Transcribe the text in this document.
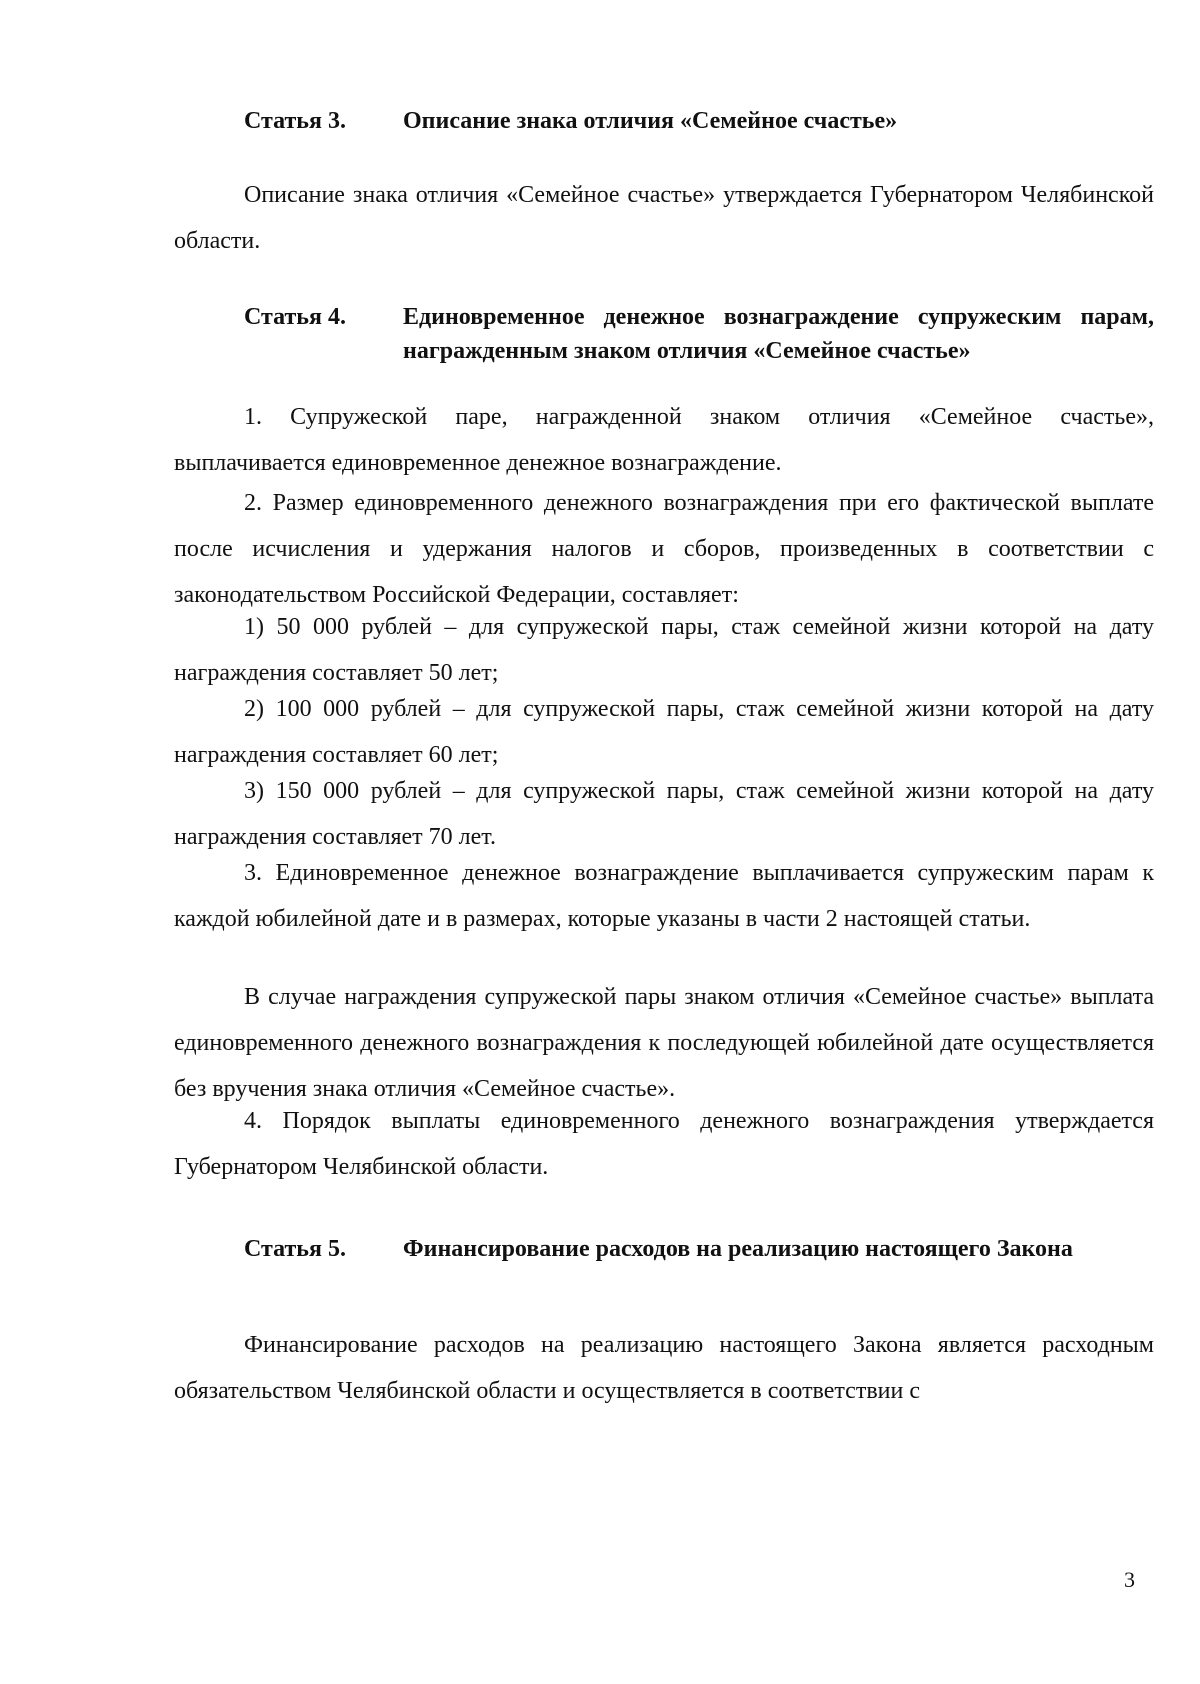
Статья 3.	Описание знака отличия «Семейное счастье»

Описание знака отличия «Семейное счастье» утверждается Губернатором Челябинской области.

Статья 4.	Единовременное денежное вознаграждение супружеским парам, награжденным знаком отличия «Семейное счастье»

1. Супружеской паре, награжденной знаком отличия «Семейное счастье», выплачивается единовременное денежное вознаграждение.

2. Размер единовременного денежного вознаграждения при его фактической выплате после исчисления и удержания налогов и сборов, произведенных в соответствии с законодательством Российской Федерации, составляет:

1) 50 000 рублей – для супружеской пары, стаж семейной жизни которой на дату награждения составляет 50 лет;

2) 100 000 рублей – для супружеской пары, стаж семейной жизни которой на дату награждения составляет 60 лет;

3) 150 000 рублей – для супружеской пары, стаж семейной жизни которой на дату награждения составляет 70 лет.

3. Единовременное денежное вознаграждение выплачивается супружеским парам к каждой юбилейной дате и в размерах, которые указаны в части 2 настоящей статьи.

В случае награждения супружеской пары знаком отличия «Семейное счастье» выплата единовременного денежного вознаграждения к последующей юбилейной дате осуществляется без вручения знака отличия «Семейное счастье».

4. Порядок выплаты единовременного денежного вознаграждения утверждается Губернатором Челябинской области.

Статья 5.	Финансирование расходов на реализацию настоящего Закона

Финансирование расходов на реализацию настоящего Закона является расходным обязательством Челябинской области и осуществляется в соответствии с

3
